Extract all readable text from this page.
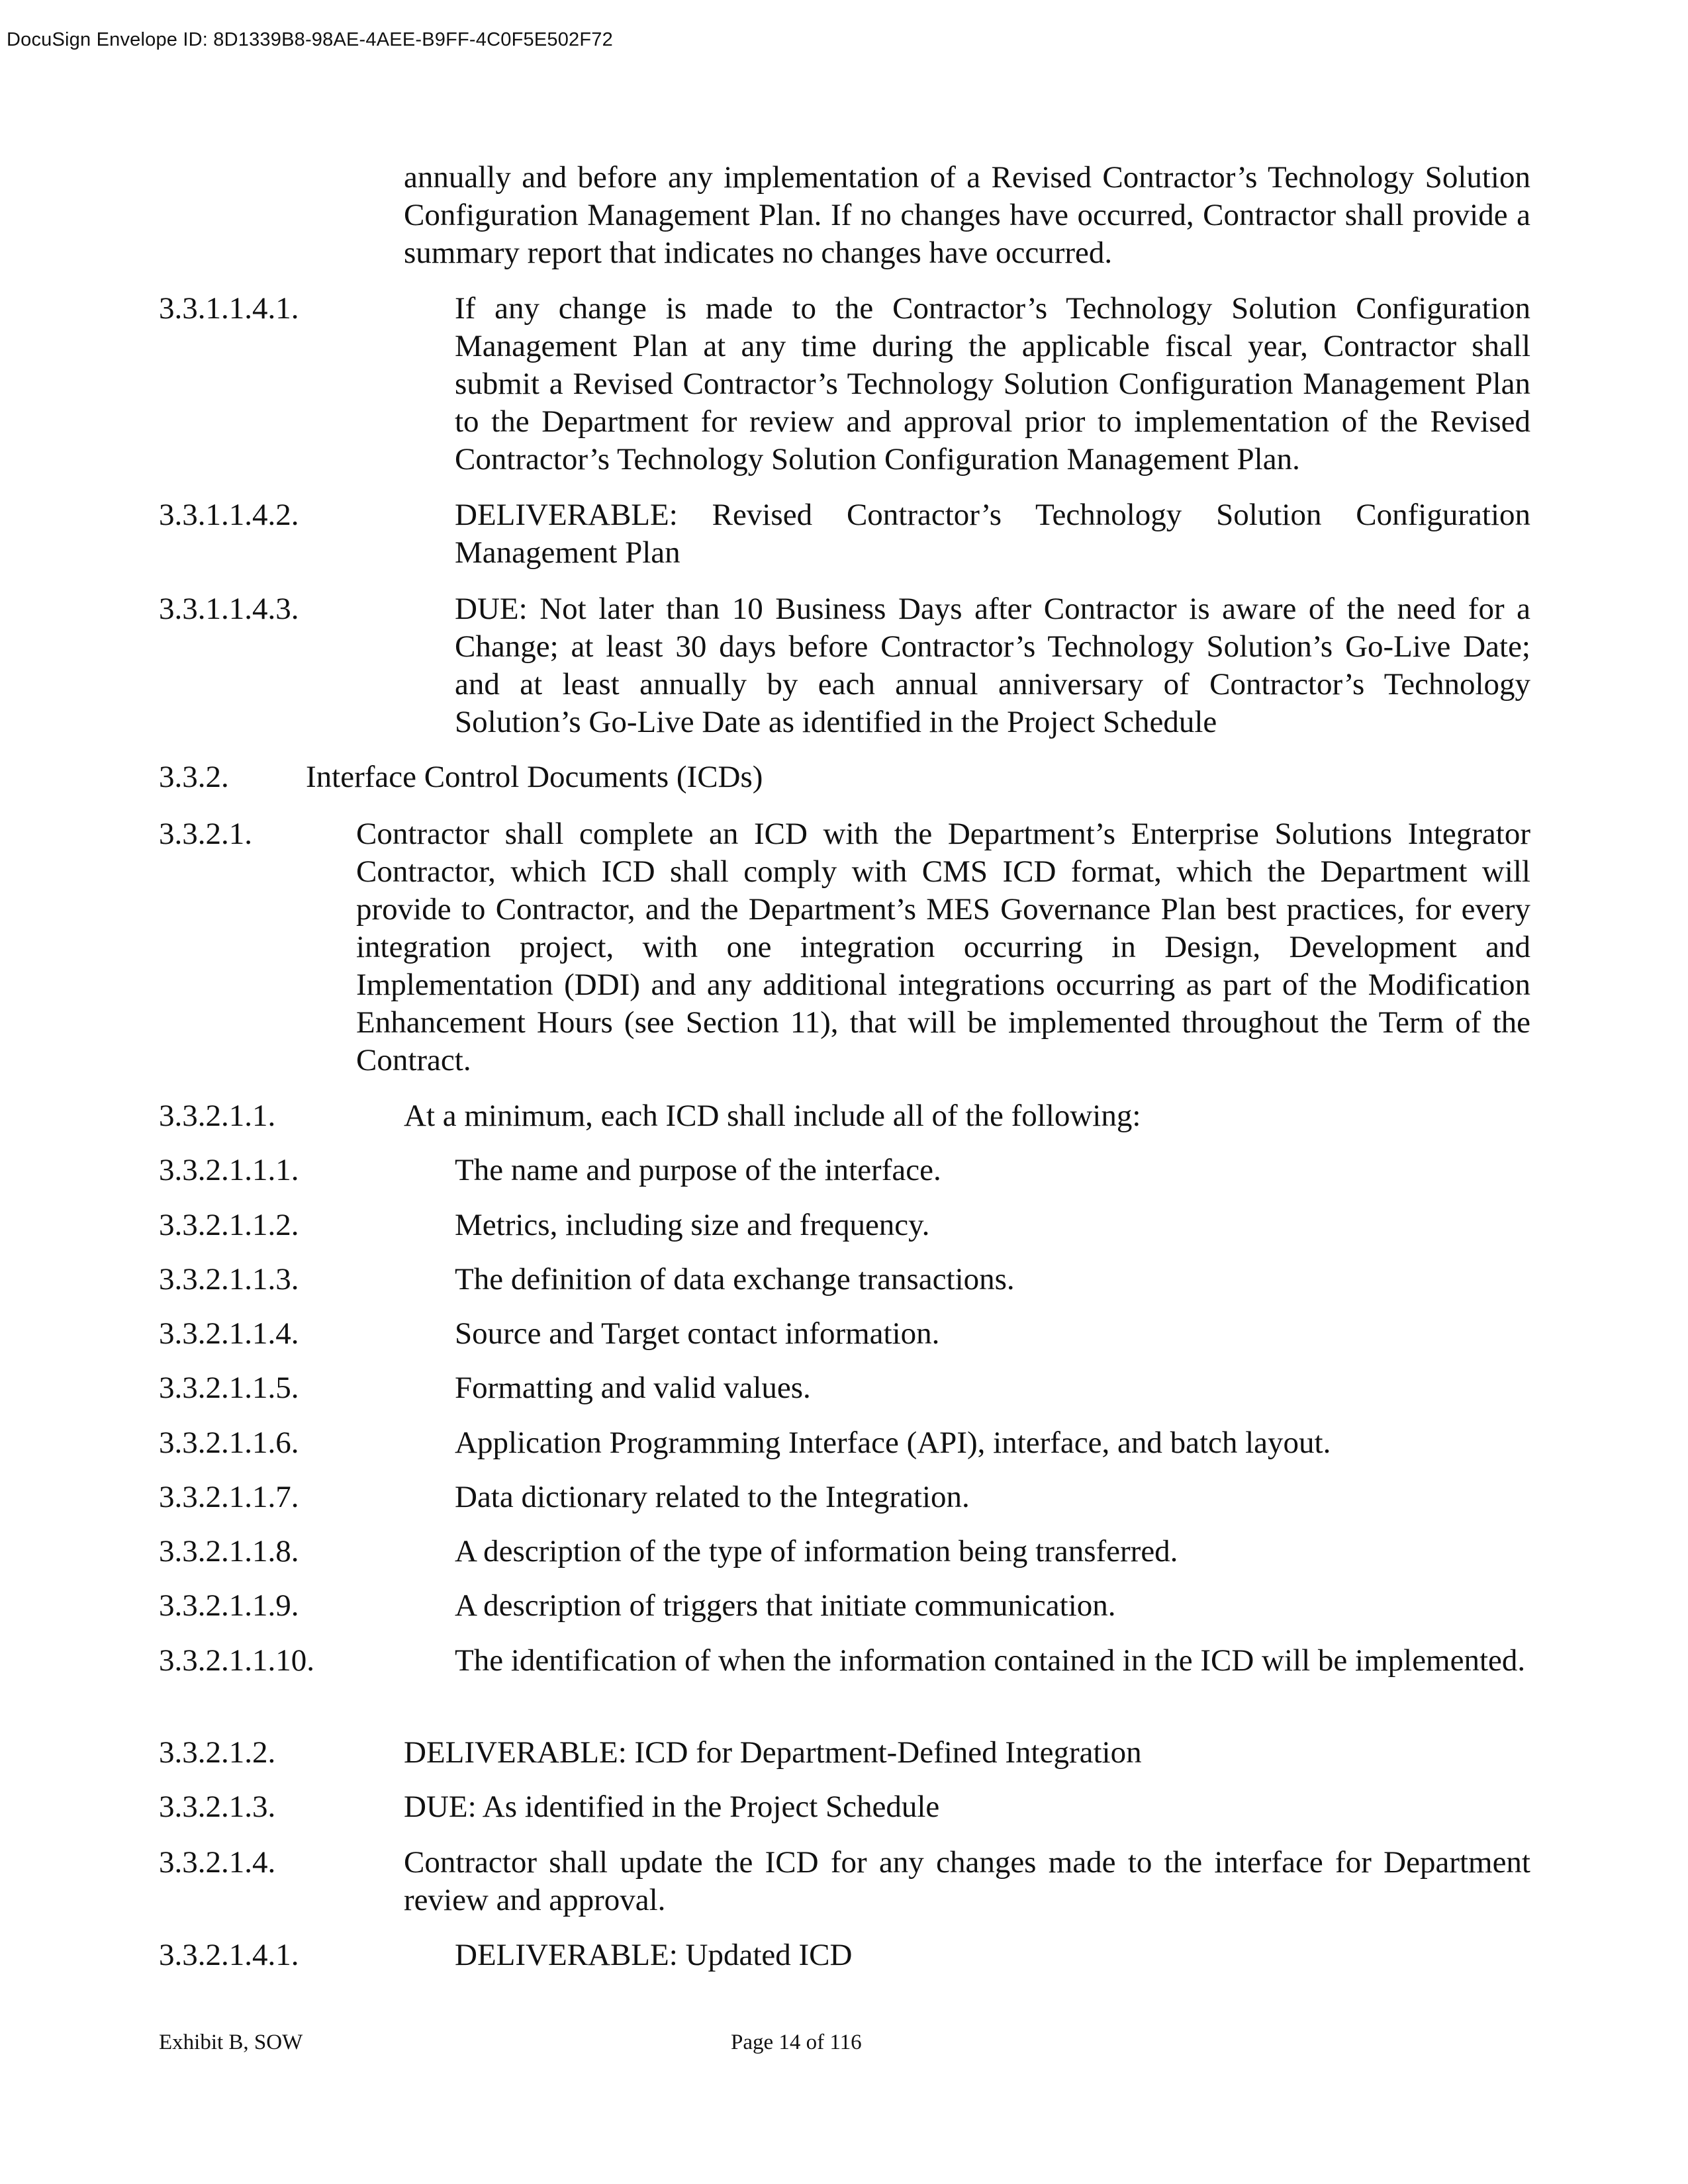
DocuSign Envelope ID: 8D1339B8-98AE-4AEE-B9FF-4C0F5E502F72
annually and before any implementation of a Revised Contractor’s Technology Solution Configuration Management Plan. If no changes have occurred, Contractor shall provide a summary report that indicates no changes have occurred.
3.3.1.1.4.1.	If any change is made to the Contractor’s Technology Solution Configuration Management Plan at any time during the applicable fiscal year, Contractor shall submit a Revised Contractor’s Technology Solution Configuration Management Plan to the Department for review and approval prior to implementation of the Revised Contractor’s Technology Solution Configuration Management Plan.
3.3.1.1.4.2.	DELIVERABLE: Revised Contractor’s Technology Solution Configuration Management Plan
3.3.1.1.4.3.	DUE: Not later than 10 Business Days after Contractor is aware of the need for a Change; at least 30 days before Contractor’s Technology Solution’s Go-Live Date; and at least annually by each annual anniversary of Contractor’s Technology Solution’s Go-Live Date as identified in the Project Schedule
3.3.2. Interface Control Documents (ICDs)
3.3.2.1.	Contractor shall complete an ICD with the Department’s Enterprise Solutions Integrator Contractor, which ICD shall comply with CMS ICD format, which the Department will provide to Contractor, and the Department’s MES Governance Plan best practices, for every integration project, with one integration occurring in Design, Development and Implementation (DDI) and any additional integrations occurring as part of the Modification Enhancement Hours (see Section 11), that will be implemented throughout the Term of the Contract.
3.3.2.1.1.	At a minimum, each ICD shall include all of the following:
3.3.2.1.1.1.	The name and purpose of the interface.
3.3.2.1.1.2.	Metrics, including size and frequency.
3.3.2.1.1.3.	The definition of data exchange transactions.
3.3.2.1.1.4.	Source and Target contact information.
3.3.2.1.1.5.	Formatting and valid values.
3.3.2.1.1.6.	Application Programming Interface (API), interface, and batch layout.
3.3.2.1.1.7.	Data dictionary related to the Integration.
3.3.2.1.1.8.	A description of the type of information being transferred.
3.3.2.1.1.9.	A description of triggers that initiate communication.
3.3.2.1.1.10.	The identification of when the information contained in the ICD will be implemented.
3.3.2.1.2.	DELIVERABLE: ICD for Department-Defined Integration
3.3.2.1.3.	DUE: As identified in the Project Schedule
3.3.2.1.4.	Contractor shall update the ICD for any changes made to the interface for Department review and approval.
3.3.2.1.4.1.	DELIVERABLE: Updated ICD
Exhibit B, SOW	Page 14 of 116
